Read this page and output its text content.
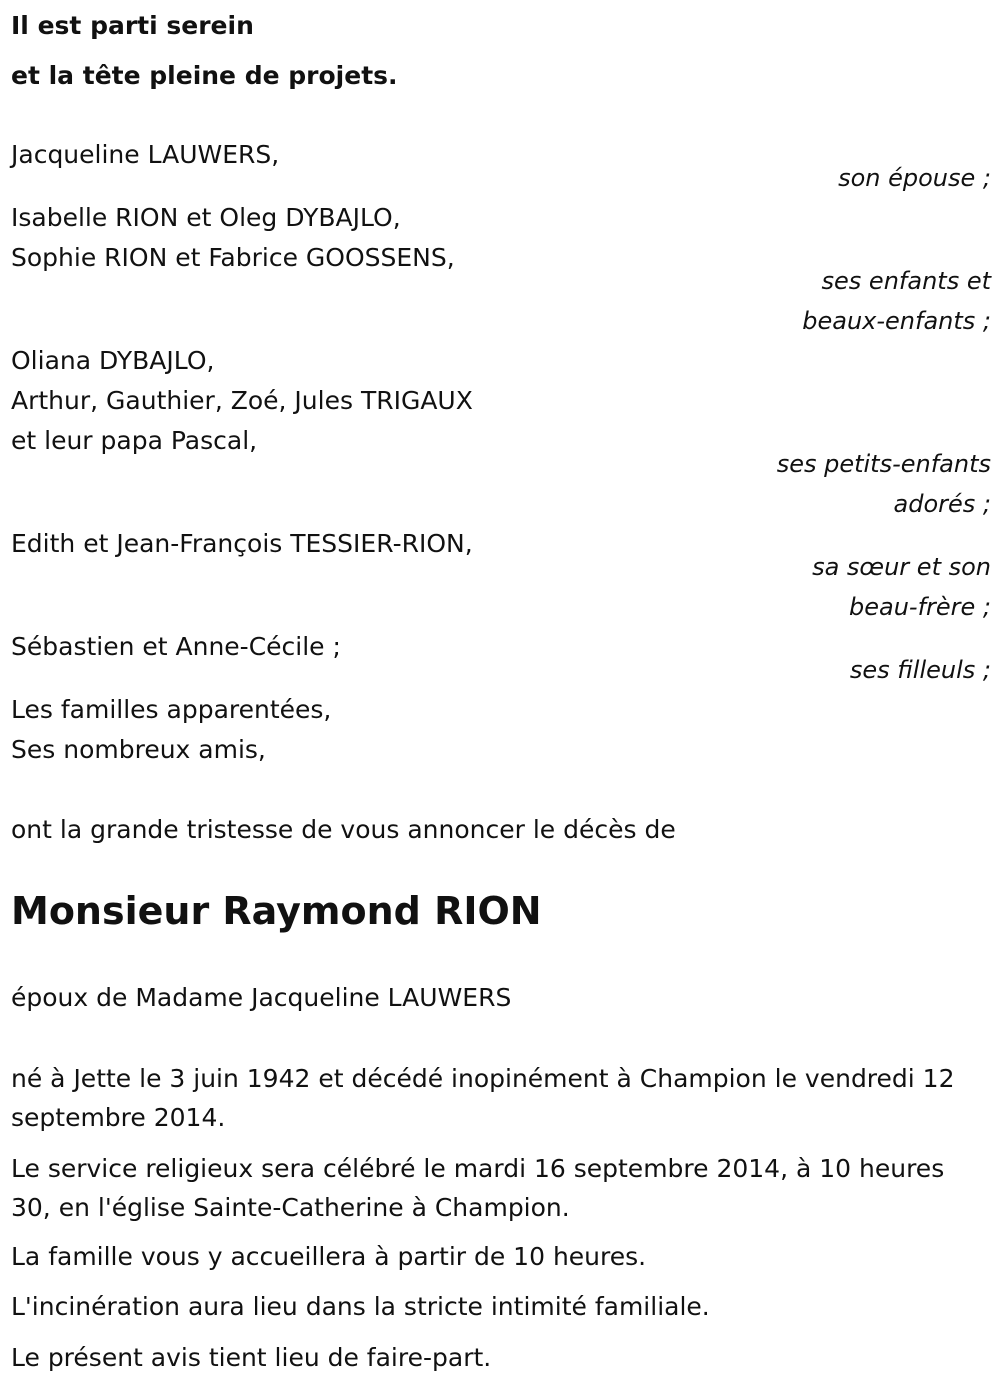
Il est parti serein
et la tête pleine de projets.
Jacqueline LAUWERS,
son épouse ;
Isabelle RION et Oleg DYBAJLO,
Sophie RION et Fabrice GOOSSENS,
ses enfants et
beaux-enfants ;
Oliana DYBAJLO,
Arthur, Gauthier, Zoé, Jules TRIGAUX
et leur papa Pascal,
ses petits-enfants
adorés ;
Edith et Jean-François TESSIER-RION,
sa sœur et son
beau-frère ;
Sébastien et Anne-Cécile ;
ses filleuls ;
Les familles apparentées,
Ses nombreux amis,
ont la grande tristesse de vous annoncer le décès de
Monsieur Raymond RION
époux de Madame Jacqueline LAUWERS
né à Jette le 3 juin 1942 et décédé inopinément à Champion le vendredi 12 septembre 2014.
Le service religieux sera célébré le mardi 16 septembre 2014, à 10 heures 30, en l'église Sainte-Catherine à Champion.
La famille vous y accueillera à partir de 10 heures.
L'incinération aura lieu dans la stricte intimité familiale.
Le présent avis tient lieu de faire-part.
